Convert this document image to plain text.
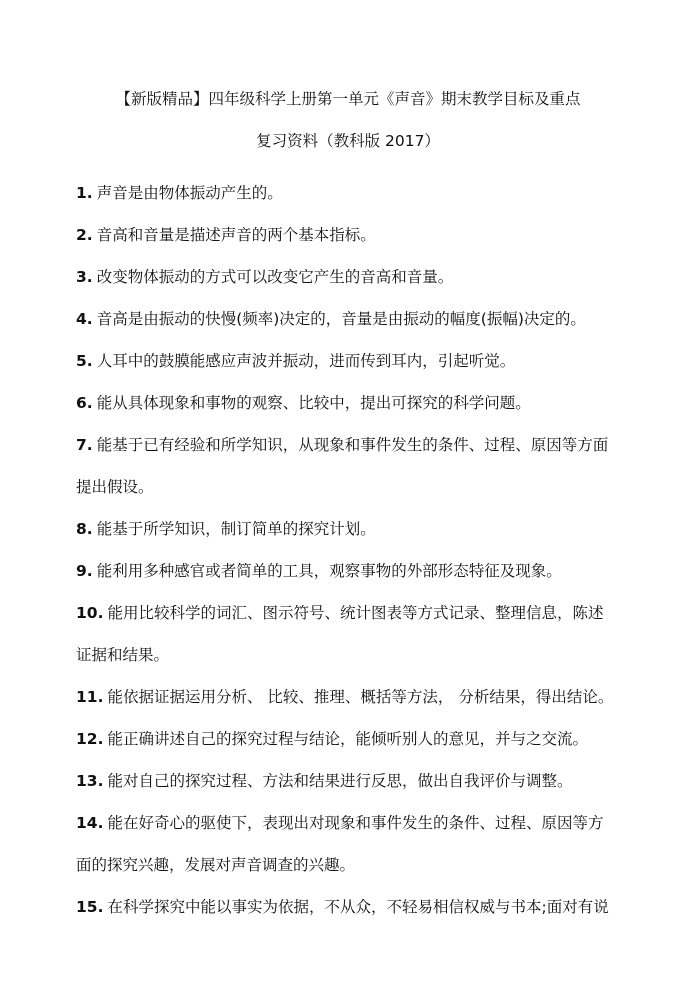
【新版精品】四年级科学上册第一单元《声音》期末教学目标及重点
复习资料（教科版 2017）
1. 声音是由物体振动产生的。
2. 音高和音量是描述声音的两个基本指标。
3. 改变物体振动的方式可以改变它产生的音高和音量。
4. 音高是由振动的快慢(频率)决定的，音量是由振动的幅度(振幅)决定的。
5. 人耳中的鼓膜能感应声波并振动，进而传到耳内，引起听觉。
6. 能从具体现象和事物的观察、比较中，提出可探究的科学问题。
7. 能基于已有经验和所学知识，从现象和事件发生的条件、过程、原因等方面
提出假设。
8. 能基于所学知识，制订简单的探究计划。
9. 能利用多种感官或者简单的工具，观察事物的外部形态特征及现象。
10. 能用比较科学的词汇、图示符号、统计图表等方式记录、整理信息，陈述
证据和结果。
11. 能依据证据运用分析、 比较、推理、概括等方法， 分析结果，得出结论。
12. 能正确讲述自己的探究过程与结论，能倾听别人的意见，并与之交流。
13. 能对自己的探究过程、方法和结果进行反思，做出自我评价与调整。
14. 能在好奇心的驱使下，表现出对现象和事件发生的条件、过程、原因等方
面的探究兴趣，发展对声音调查的兴趣。
15. 在科学探究中能以事实为依据，不从众，不轻易相信权威与书本;面对有说
